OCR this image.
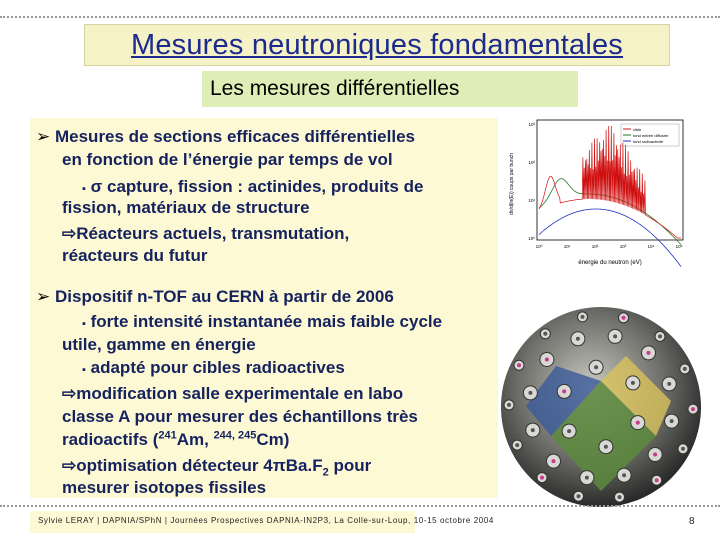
Mesures neutroniques fondamentales
Les mesures différentielles
➢ Mesures de sections efficaces différentielles
en fonction de l’énergie par temps de vol
▪ σ capture, fission : actinides, produits de
fission, matériaux de structure
⇨Réacteurs actuels, transmutation,
réacteurs du futur
➢ Dispositif n-TOF au CERN à partir de 2006
▪ forte intensité instantanée mais faible cycle
utile, gamme en énergie
▪ adapté pour cibles radioactives
⇨modification salle experimentale en labo
classe A pour mesurer des échantillons très
radioactifs ($^{241}$Am, $^{244, 245}$Cm)
⇨optimisation détecteur $4\pi Ba.F_2$ pour
mesurer isotopes fissiles
dn/d(ln(E)) coups par bunch
énergie du neutron (eV)
10³
10²
10¹
10⁰
10⁰	10¹	10²	10³	10⁴	10⁵
cible
fond entrée diffusée
fond radioactivité
Sylvie LERAY | DAPNIA/SPhN | Journées Prospectives DAPNIA-IN2P3, La Colle-sur-Loup, 10-15 octobre 2004	8
